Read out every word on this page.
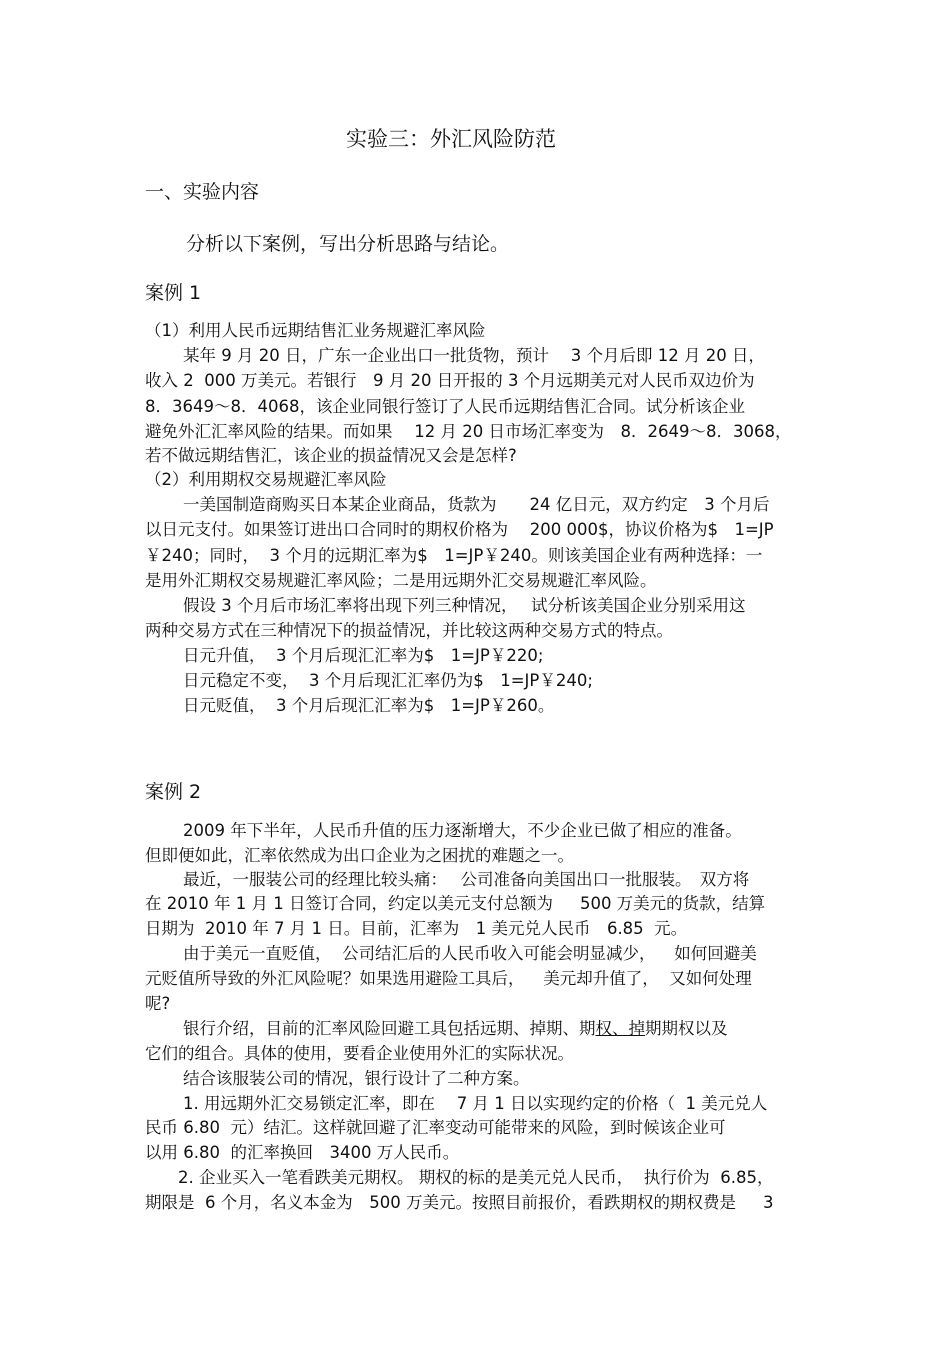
实验三：外汇风险防范
一、实验内容
分析以下案例，写出分析思路与结论。
案例 1
（1）利用人民币远期结售汇业务规避汇率风险
某年 9 月 20 日，广东一企业出口一批货物，预计　 3 个月后即 12 月 20 日，
收入 2  000 万美元。若银行　9 月 20 日开报的 3 个月远期美元对人民币双边价为
8．3649～8．4068，该企业同银行签订了人民币远期结售汇合同。试分析该企业
避免外汇汇率风险的结果。而如果　 12 月 20 日市场汇率变为　8．2649～8．3068，
若不做远期结售汇，该企业的损益情况又会是怎样?
（2）利用期权交易规避汇率风险
一美国制造商购买日本某企业商品，货款为　　24 亿日元，双方约定　3 个月后
以日元支付。如果签订进出口合同时的期权价格为　 200 000$，协议价格为$　1=JP
￥240；同时，  3 个月的远期汇率为$　1=JP￥240。则该美国企业有两种选择：一
是用外汇期权交易规避汇率风险；二是用远期外汇交易规避汇率风险。
假设 3 个月后市场汇率将出现下列三种情况，　 试分析该美国企业分别采用这
两种交易方式在三种情况下的损益情况，并比较这两种交易方式的特点。
日元升值，  3 个月后现汇汇率为$　1=JP￥220;
日元稳定不变，  3 个月后现汇汇率仍为$　1=JP￥240;
日元贬值，  3 个月后现汇汇率为$　1=JP￥260。
案例 2
2009 年下半年，人民币升值的压力逐渐增大，不少企业已做了相应的准备。
但即便如此，汇率依然成为出口企业为之困扰的难题之一。
最近，一服装公司的经理比较头痛：　 公司准备向美国出口一批服装。　双方将
在 2010 年 1 月 1 日签订合同，约定以美元支付总额为　  500 万美元的货款，结算
日期为  2010 年 7 月 1 日。目前，汇率为　1 美元兑人民币　6.85  元。
由于美元一直贬值，  公司结汇后的人民币收入可能会明显减少，　  如何回避美
元贬值所导致的外汇风险呢？如果选用避险工具后，　  美元却升值了，  又如何处理
呢?
银行介绍，目前的汇率风险回避工具包括远期、掉期、期权、掉期期权以及
它们的组合。具体的使用，要看企业使用外汇的实际状况。
结合该服装公司的情况，银行设计了二种方案。
1. 用远期外汇交易锁定汇率，即在　 7 月 1 日以实现约定的价格（  1 美元兑人
民币 6.80  元）结汇。这样就回避了汇率变动可能带来的风险，到时候该企业可
以用 6.80  的汇率换回　3400 万人民币。
2. 企业买入一笔看跌美元期权。 期权的标的是美元兑人民币，  执行价为  6.85，
期限是  6 个月，名义本金为　500 万美元。按照目前报价，看跌期权的期权费是　  3
